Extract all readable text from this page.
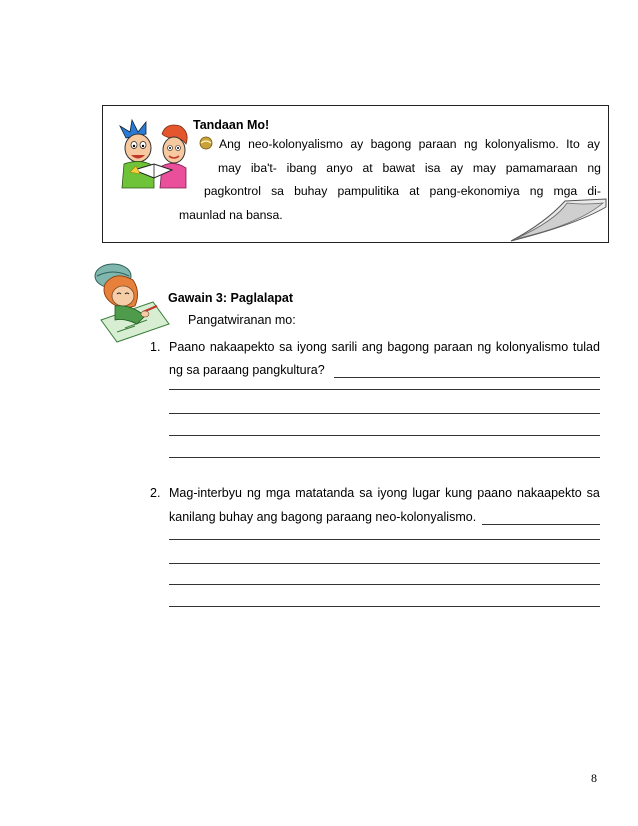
Tandaan Mo!
Ang neo-kolonyalismo ay bagong paraan ng kolonyalismo. Ito ay
may iba't- ibang anyo at bawat isa ay may pamamaraan ng
pagkontrol sa buhay pampulitika at pang-ekonomiya ng mga di-
maunlad na bansa.
Gawain 3: Paglalapat
Pangatwiranan mo:
1. Paano nakaapekto sa iyong sarili ang bagong paraan ng kolonyalismo tulad
ng sa paraang pangkultura?
2. Mag-interbyu ng mga matatanda sa iyong lugar kung paano nakaapekto sa
kanilang buhay ang bagong paraang neo-kolonyalismo.
8
